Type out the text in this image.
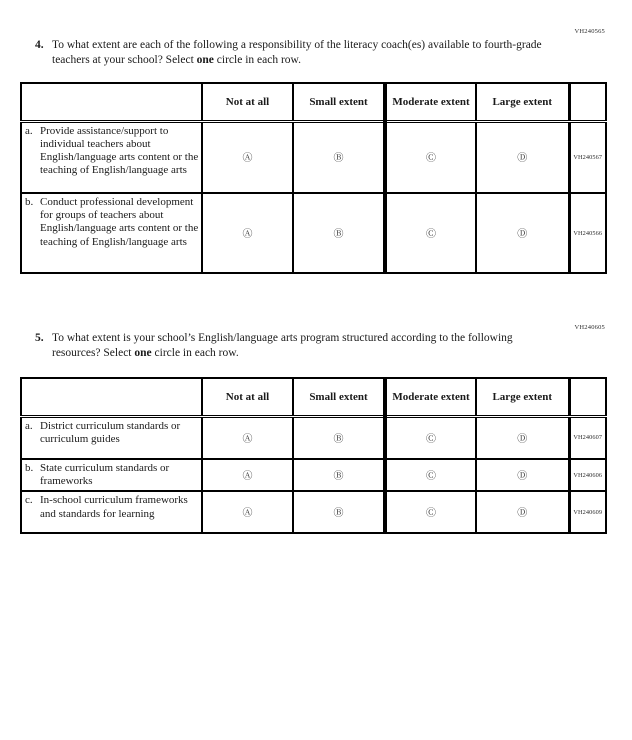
VH240565
4. To what extent are each of the following a responsibility of the literacy coach(es) available to fourth-grade teachers at your school? Select one circle in each row.
	Not at all	Small extent	Moderate extent	Large extent	

a. Provide assistance/support to individual teachers about English/language arts content or the teaching of English/language arts	Ⓐ	Ⓑ	Ⓒ	Ⓓ	VH240567

b. Conduct professional development for groups of teachers about English/language arts content or the teaching of English/language arts	Ⓐ	Ⓑ	Ⓒ	Ⓓ	VH240566
VH240605
5. To what extent is your school’s English/language arts program structured according to the following resources? Select one circle in each row.
	Not at all	Small extent	Moderate extent	Large extent	

a. District curriculum standards or curriculum guides	Ⓐ	Ⓑ	Ⓒ	Ⓓ	VH240607

b. State curriculum standards or frameworks	Ⓐ	Ⓑ	Ⓒ	Ⓓ	VH240606

c. In-school curriculum frameworks and standards for learning	Ⓐ	Ⓑ	Ⓒ	Ⓓ	VH240609
